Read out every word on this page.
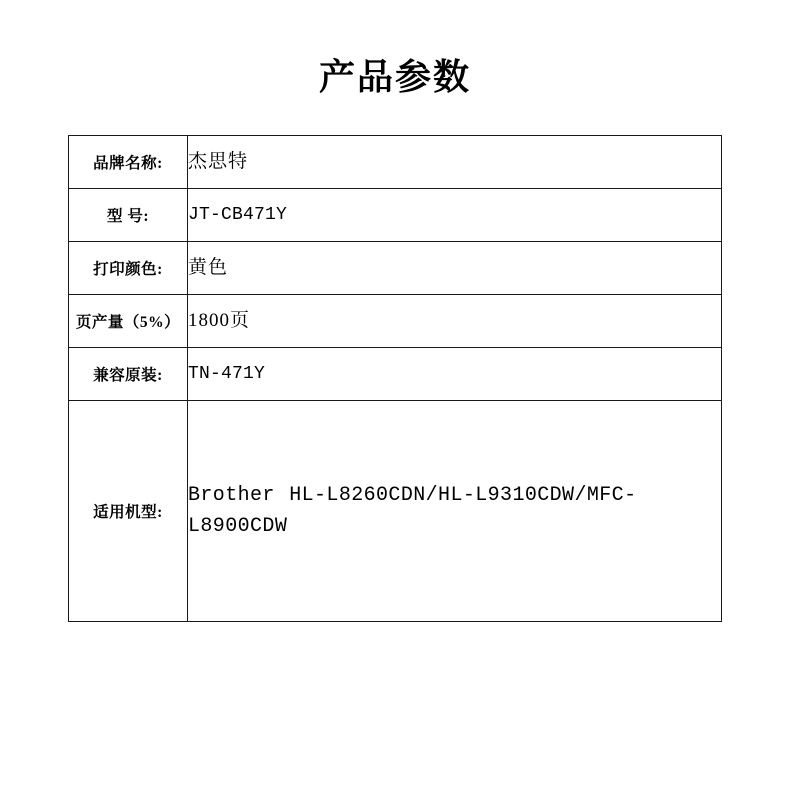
产品参数
品牌名称:	杰思特
型 号:	JT-CB471Y
打印颜色:	黄色
页产量（5%）	1800页
兼容原装:	TN-471Y
适用机型:	Brother HL-L8260CDN/HL-L9310CDW/MFC-L8900CDW
